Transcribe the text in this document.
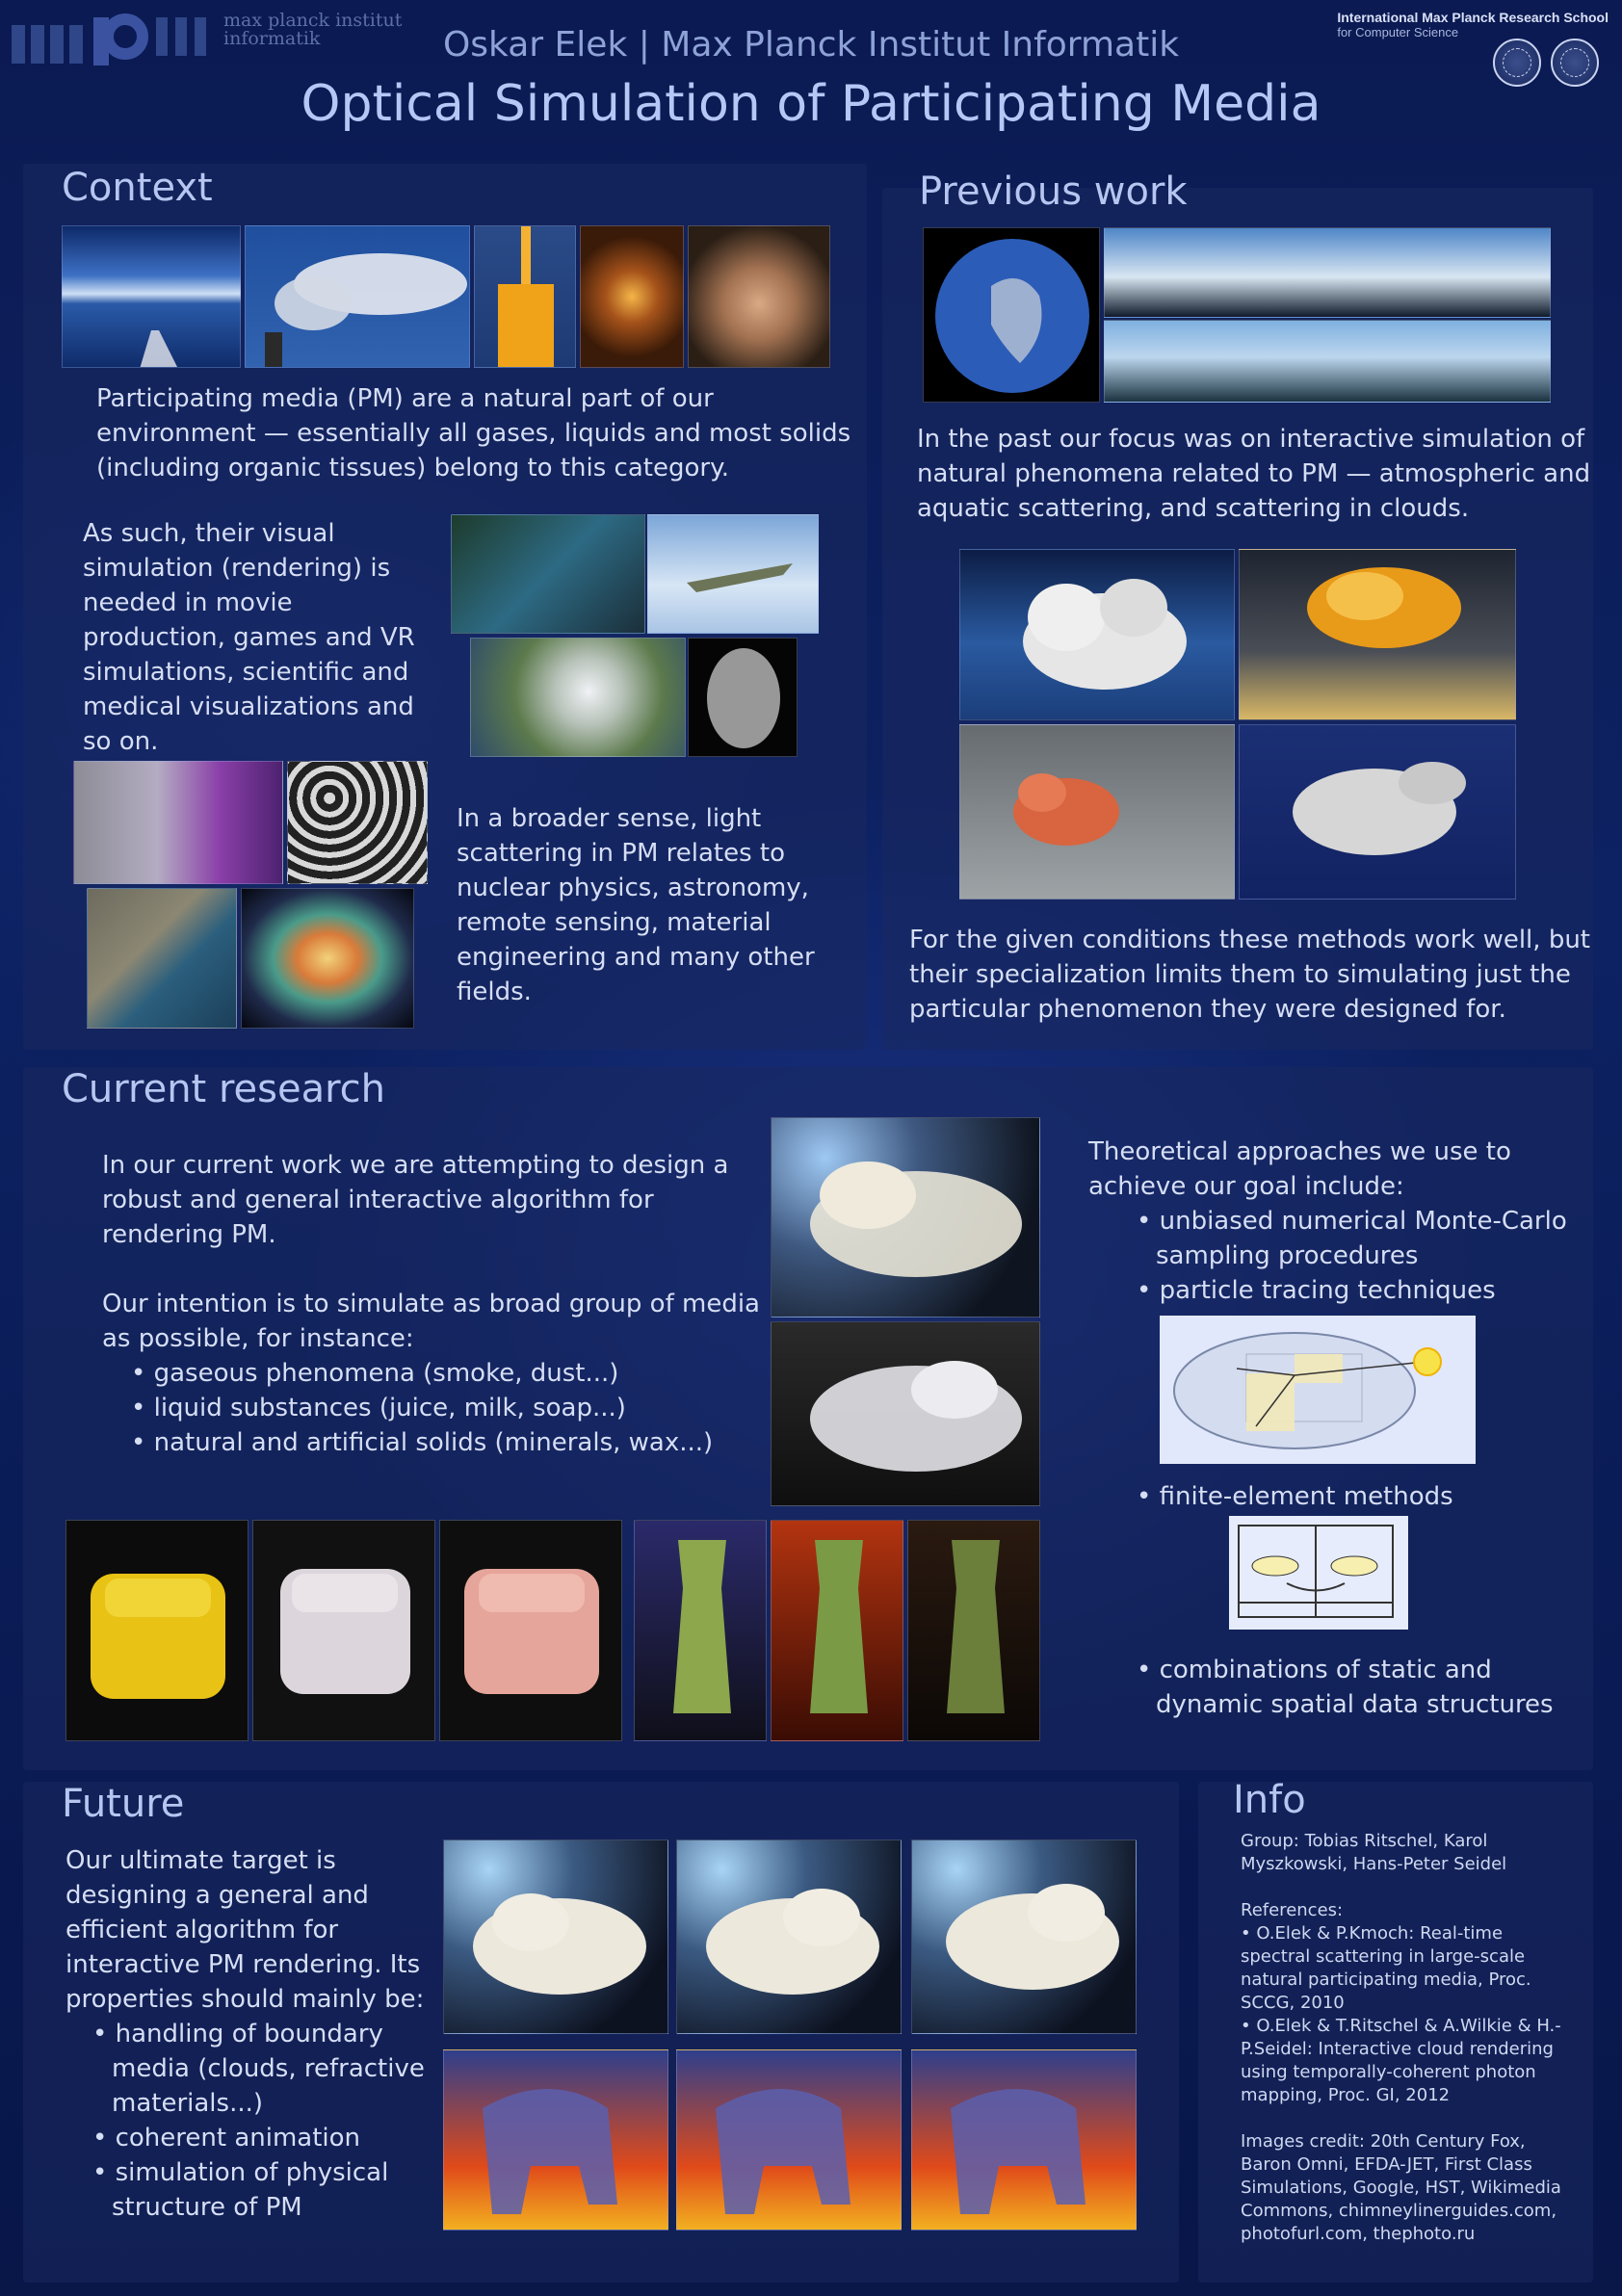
max planck institut
informatik	Oskar Elek | Max Planck Institut Informatik
Optical Simulation of Participating Media
International Max Planck Research School
for Computer Science
Context
Participating media (PM) are a natural part of our environment — essentially all gases, liquids and most solids (including organic tissues) belong to this category.
As such, their visual simulation (rendering) is needed in movie production, games and VR simulations, scientific and medical visualizations and so on.
In a broader sense, light scattering in PM relates to nuclear physics, astronomy, remote sensing, material engineering and many other fields.
Previous work
In the past our focus was on interactive simulation of natural phenomena related to PM — atmospheric and aquatic scattering, and scattering in clouds.
For the given conditions these methods work well, but their specialization limits them to simulating just the particular phenomenon they were designed for.
Current research
In our current work we are attempting to design a robust and general interactive algorithm for rendering PM.

Our intention is to simulate as broad group of media as possible, for instance:

• gaseous phenomena (smoke, dust...)

• liquid substances (juice, milk, soap...)

• natural and artificial solids (minerals, wax...)

Theoretical approaches we use to achieve our goal include:

• unbiased numerical Monte-Carlo sampling procedures

• particle tracing techniques

• finite-element methods

• combinations of static and dynamic spatial data structures

Future

Our ultimate target is designing a general and efficient algorithm for interactive PM rendering. Its properties should mainly be:

• handling of boundary media (clouds, refractive materials...)

• coherent animation

• simulation of physical structure of PM

Info

Group: Tobias Ritschel, Karol Myszkowski, Hans-Peter Seidel

References:

• O.Elek & P.Kmoch: Real-time spectral scattering in large-scale natural participating media, Proc. SCCG, 2010

• O.Elek & T.Ritschel & A.Wilkie & H.-P.Seidel: Interactive cloud rendering using temporally-coherent photon mapping, Proc. GI, 2012

Images credit: 20th Century Fox, Baron Omni, EFDA-JET, First Class Simulations, Google, HST, Wikimedia Commons, chimneylinerguides.com, photofurl.com, thephoto.ru
